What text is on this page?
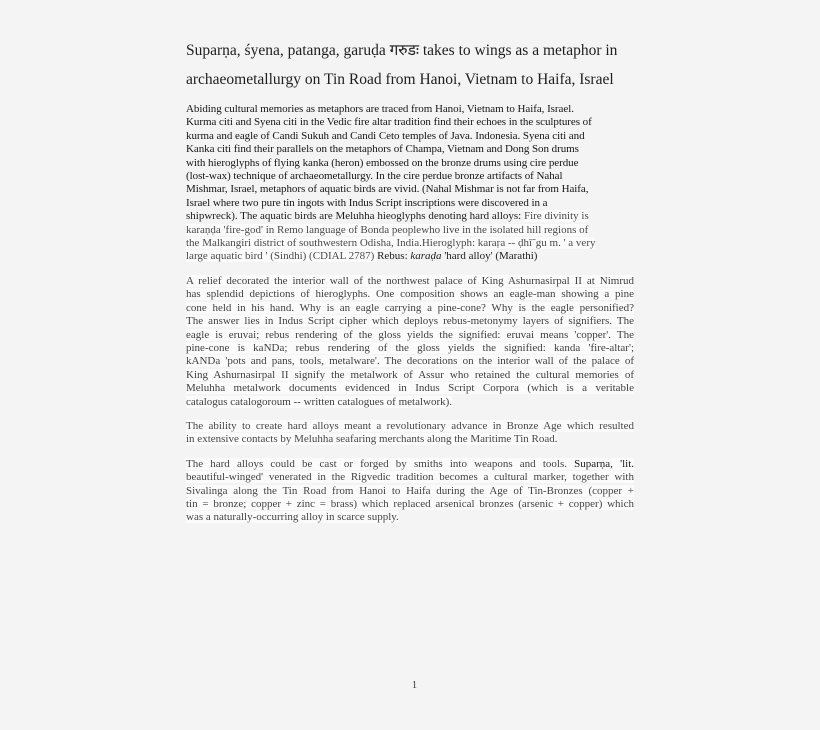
Suparṇa, śyena, patanga, garuḍa गरुडः takes to wings as a metaphor in
archaeometallurgy on Tin Road from Hanoi, Vietnam to Haifa, Israel
Abiding cultural memories as metaphors are traced from Hanoi, Vietnam to Haifa, Israel.
Kurma citi and Syena citi in the Vedic fire altar tradition find their echoes in the sculptures of
kurma and eagle of Candi Sukuh and Candi Ceto temples of Java. Indonesia. Syena citi and
Kanka citi find their parallels on the metaphors of Champa, Vietnam and Dong Son drums
with hieroglyphs of flying kanka (heron) embossed on the bronze drums using cire perdue
(lost-wax) technique of archaeometallurgy. In the cire perdue bronze artifacts of Nahal
Mishmar, Israel, metaphors of aquatic birds are vivid. (Nahal Mishmar is not far from Haifa,
Israel where two pure tin ingots with Indus Script inscriptions were discovered in a
shipwreck). The aquatic birds are Meluhha hieoglyphs denoting hard alloys: Fire divinity is
karaṇḍa 'fire-god' in Remo language of Bonda peoplewho live in the isolated hill regions of
the Malkangiri district of southwestern Odisha, India.Hieroglyph: karaṛa -- ḍhī˜gu m. ' a very
large aquatic bird ' (Sindhi) (CDIAL 2787) Rebus: karaḍa 'hard alloy' (Marathi)
A relief decorated the interior wall of the northwest palace of King Ashurnasirpal II at Nimrud
has splendid depictions of hieroglyphs. One composition shows an eagle-man showing a pine
cone held in his hand. Why is an eagle carrying a pine-cone? Why is the eagle personified?
The answer lies in Indus Script cipher which deploys rebus-metonymy layers of signifiers. The
eagle is eruvai; rebus rendering of the gloss yields the signified: eruvai means 'copper'. The
pine-cone is kaNDa; rebus rendering of the gloss yields the signified: kanda 'fire-altar';
kANDa 'pots and pans, tools, metalware'. The decorations on the interior wall of the palace of
King Ashurnasirpal II signify the metalwork of Assur who retained the cultural memories of
Meluhha metalwork documents evidenced in Indus Script Corpora (which is a veritable
catalogus catalogoroum -- written catalogues of metalwork).
The ability to create hard alloys meant a revolutionary advance in Bronze Age which resulted
in extensive contacts by Meluhha seafaring merchants along the Maritime Tin Road.
The hard alloys could be cast or forged by smiths into weapons and tools. Suparṇa, 'lit.
beautiful-winged' venerated in the Rigvedic tradition becomes a cultural marker, together with
Sivalinga along the Tin Road from Hanoi to Haifa during the Age of Tin-Bronzes (copper +
tin = bronze; copper + zinc = brass) which replaced arsenical bronzes (arsenic + copper) which
was a naturally-occurring alloy in scarce supply.
1
